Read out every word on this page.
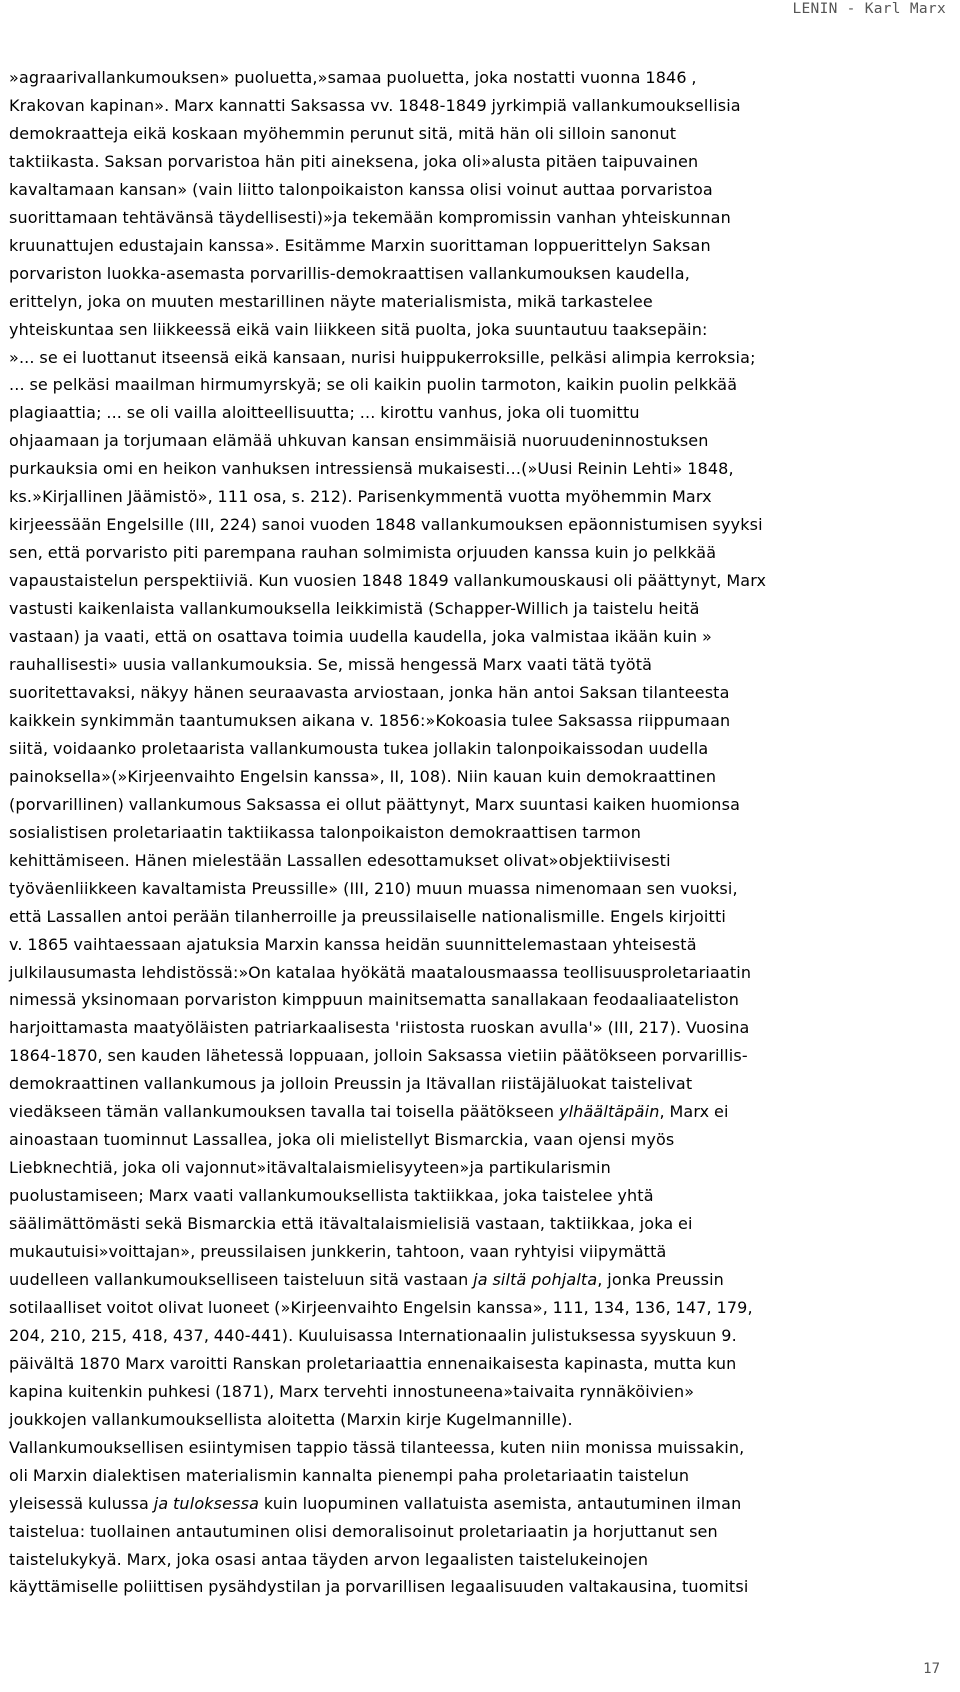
LENIN - Karl Marx
»agraarivallankumouksen» puoluetta,»samaa puoluetta, joka nostatti vuonna 1846 ,
Krakovan kapinan». Marx kannatti Saksassa vv. 1848-1849 jyrkimpiä vallankumouksellisia
demokraatteja eikä koskaan myöhemmin perunut sitä, mitä hän oli silloin sanonut
taktiikasta. Saksan porvaristoa hän piti aineksena, joka oli»alusta pitäen taipuvainen
kavaltamaan kansan» (vain liitto talonpoikaiston kanssa olisi voinut auttaa porvaristoa
suorittamaan tehtävänsä täydellisesti)»ja tekemään kompromissin vanhan yhteiskunnan
kruunattujen edustajain kanssa». Esitämme Marxin suorittaman loppuerittelyn Saksan
porvariston luokka-asemasta porvarillis-demokraattisen vallankumouksen kaudella,
erittelyn, joka on muuten mestarillinen näyte materialismista, mikä tarkastelee
yhteiskuntaa sen liikkeessä eikä vain liikkeen sitä puolta, joka suuntautuu taaksepäin:
»... se ei luottanut itseensä eikä kansaan, nurisi huippukerroksille, pelkäsi alimpia kerroksia;
... se pelkäsi maailman hirmumyrskyä; se oli kaikin puolin tarmoton, kaikin puolin pelkkää
plagiaattia; ... se oli vailla aloitteellisuutta; ... kirottu vanhus, joka oli tuomittu
ohjaamaan ja torjumaan elämää uhkuvan kansan ensimmäisiä nuoruudeninnostuksen
purkauksia omi en heikon vanhuksen intressiensä mukaisesti...(»Uusi Reinin Lehti» 1848,
ks.»Kirjallinen Jäämistö», 111 osa, s. 212). Parisenkymmentä vuotta myöhemmin Marx
kirjeessään Engelsille (III, 224) sanoi vuoden 1848 vallankumouksen epäonnistumisen syyksi
sen, että porvaristo piti parempana rauhan solmimista orjuuden kanssa kuin jo pelkkää
vapaustaistelun perspektiiviä. Kun vuosien 1848 1849 vallankumouskausi oli päättynyt, Marx
vastusti kaikenlaista vallankumouksella leikkimistä (Schapper-Willich ja taistelu heitä
vastaan) ja vaati, että on osattava toimia uudella kaudella, joka valmistaa ikään kuin »
rauhallisesti» uusia vallankumouksia. Se, missä hengessä Marx vaati tätä työtä
suoritettavaksi, näkyy hänen seuraavasta arviostaan, jonka hän antoi Saksan tilanteesta
kaikkein synkimmän taantumuksen aikana v. 1856:»Kokoasia tulee Saksassa riippumaan
siitä, voidaanko proletaarista vallankumousta tukea jollakin talonpoikaissodan uudella
painoksella»(»Kirjeenvaihto Engelsin kanssa», II, 108). Niin kauan kuin demokraattinen
(porvarillinen) vallankumous Saksassa ei ollut päättynyt, Marx suuntasi kaiken huomionsa
sosialistisen proletariaatin taktiikassa talonpoikaiston demokraattisen tarmon
kehittämiseen. Hänen mielestään Lassallen edesottamukset olivat»objektiivisesti
työväenliikkeen kavaltamista Preussille» (III, 210) muun muassa nimenomaan sen vuoksi,
että Lassallen antoi perään tilanherroille ja preussilaiselle nationalismille. Engels kirjoitti
v. 1865 vaihtaessaan ajatuksia Marxin kanssa heidän suunnittelemastaan yhteisestä
julkilausumasta lehdistössä:»On katalaa hyökätä maatalousmaassa teollisuusproletariaatin
nimessä yksinomaan porvariston kimppuun mainitsematta sanallakaan feodaaliaateliston
harjoittamasta maatyöläisten patriarkaalisesta 'riistosta ruoskan avulla'» (III, 217). Vuosina
1864-1870, sen kauden lähetessä loppuaan, jolloin Saksassa vietiin päätökseen porvarillis-
demokraattinen vallankumous ja jolloin Preussin ja Itävallan riistäjäluokat taistelivat
viedäkseen tämän vallankumouksen tavalla tai toisella päätökseen ylhäältäpäin, Marx ei
ainoastaan tuominnut Lassallea, joka oli mielistellyt Bismarckia, vaan ojensi myös
Liebknechtiä, joka oli vajonnut»itävaltalaismielisyyteen»ja partikularismin
puolustamiseen; Marx vaati vallankumouksellista taktiikkaa, joka taistelee yhtä
säälimättömästi sekä Bismarckia että itävaltalaismielisiä vastaan, taktiikkaa, joka ei
mukautuisi»voittajan», preussilaisen junkkerin, tahtoon, vaan ryhtyisi viipymättä
uudelleen vallankumoukselliseen taisteluun sitä vastaan ja siltä pohjalta, jonka Preussin
sotilaalliset voitot olivat luoneet (»Kirjeenvaihto Engelsin kanssa», 111, 134, 136, 147, 179,
204, 210, 215, 418, 437, 440-441). Kuuluisassa Internationaalin julistuksessa syyskuun 9.
päivältä 1870 Marx varoitti Ranskan proletariaattia ennenaikaisesta kapinasta, mutta kun
kapina kuitenkin puhkesi (1871), Marx tervehti innostuneena»taivaita rynnäköivien»
joukkojen vallankumouksellista aloitetta (Marxin kirje Kugelmannille).
Vallankumouksellisen esiintymisen tappio tässä tilanteessa, kuten niin monissa muissakin,
oli Marxin dialektisen materialismin kannalta pienempi paha proletariaatin taistelun
yleisessä kulussa ja tuloksessa kuin luopuminen vallatuista asemista, antautuminen ilman
taistelua: tuollainen antautuminen olisi demoralisoinut proletariaatin ja horjuttanut sen
taistelukykyä. Marx, joka osasi antaa täyden arvon legaalisten taistelukeinojen
käyttämiselle poliittisen pysähdystilan ja porvarillisen legaalisuuden valtakausina, tuomitsi
17
